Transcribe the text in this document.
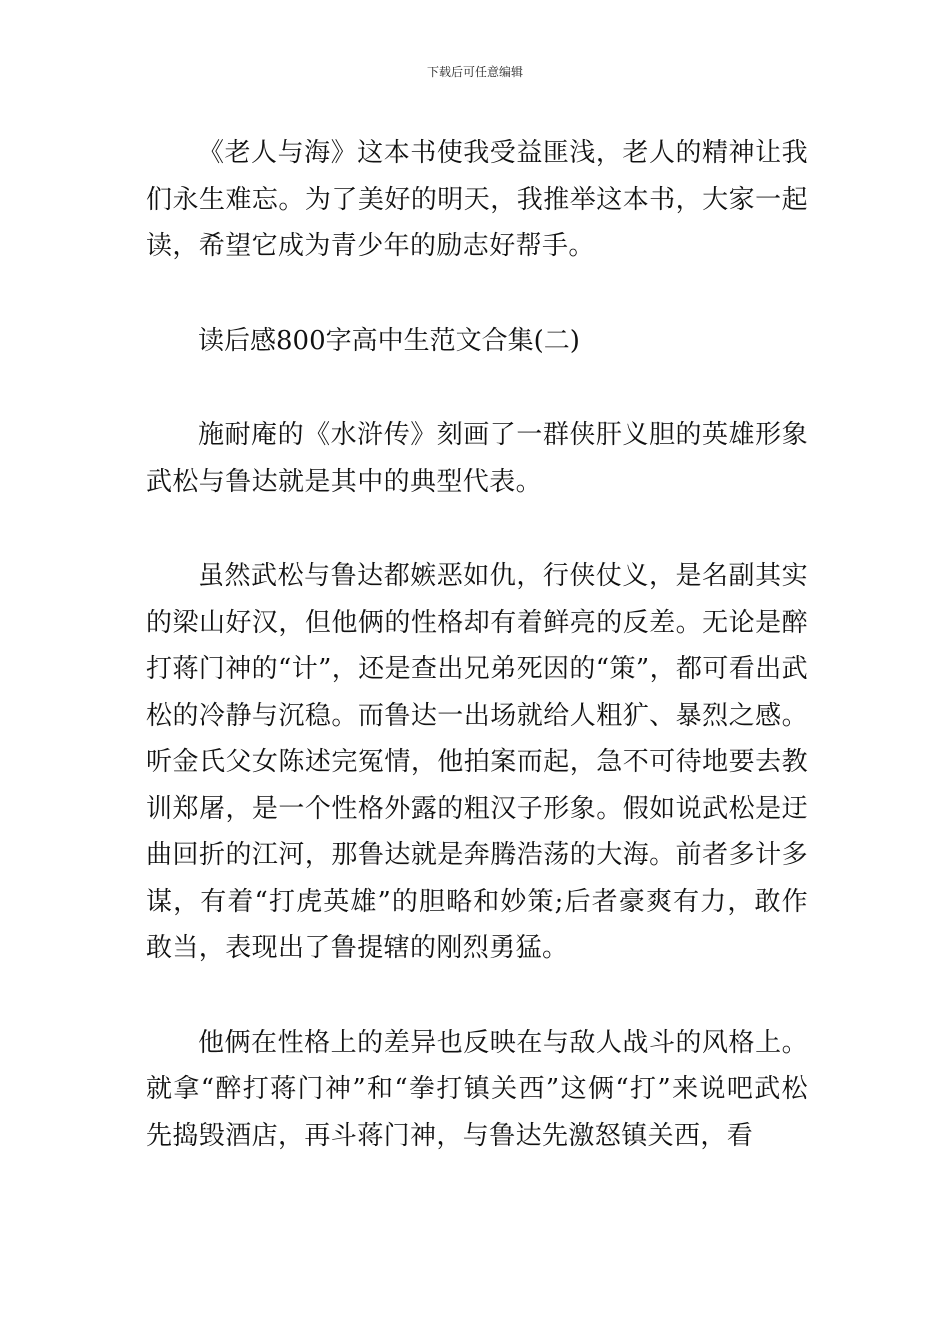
下载后可任意编辑

《老人与海》这本书使我受益匪浅，老人的精神让我们永生难忘。为了美好的明天，我推举这本书，大家一起读，希望它成为青少年的励志好帮手。

读后感800字高中生范文合集(二)

施耐庵的《水浒传》刻画了一群侠肝义胆的英雄形象武松与鲁达就是其中的典型代表。

虽然武松与鲁达都嫉恶如仇，行侠仗义，是名副其实的梁山好汉，但他俩的性格却有着鲜亮的反差。无论是醉打蒋门神的“计”，还是查出兄弟死因的“策”，都可看出武松的冷静与沉稳。而鲁达一出场就给人粗犷、暴烈之感。听金氏父女陈述完冤情，他拍案而起，急不可待地要去教训郑屠，是一个性格外露的粗汉子形象。假如说武松是迂曲回折的江河，那鲁达就是奔腾浩荡的大海。前者多计多谋，有着“打虎英雄”的胆略和妙策;后者豪爽有力，敢作敢当，表现出了鲁提辖的刚烈勇猛。

他俩在性格上的差异也反映在与敌人战斗的风格上。就拿“醉打蒋门神”和“拳打镇关西”这俩“打”来说吧武松先捣毁酒店，再斗蒋门神，与鲁达先激怒镇关西，看
